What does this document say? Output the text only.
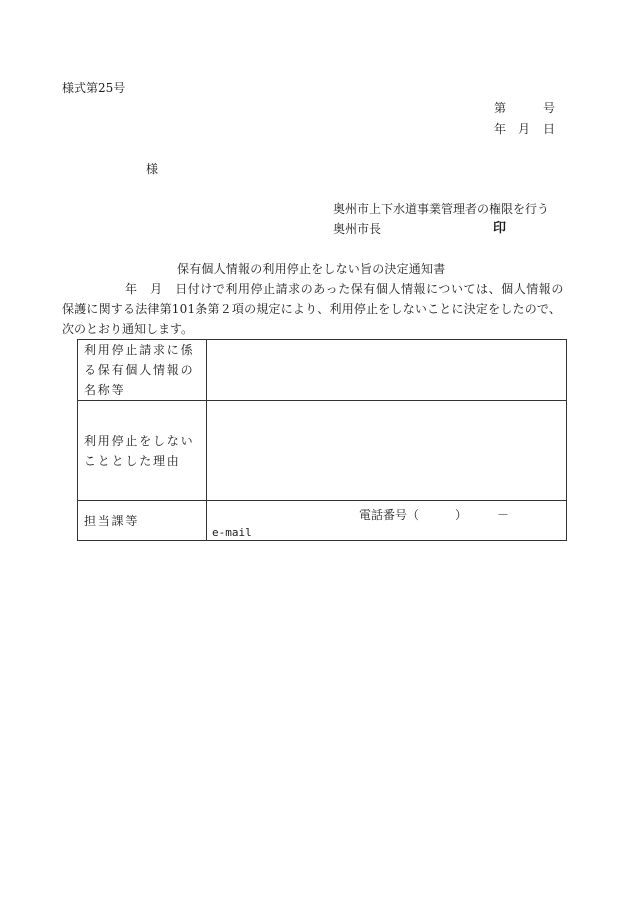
様式第25号
第	号
年 月 日
様
奥州市上下水道事業管理者の権限を行う
奥州市長	印
保有個人情報の利用停止をしない旨の決定通知書
年　月　日付けで利用停止請求のあった保有個人情報については、個人情報の
保護に関する法律第101条第２項の規定により、利用停止をしないことに決定をしたので、
次のとおり通知します。
利用停止請求に係る保有個人情報の名称等	
利用停止をしないこととした理由	
担当課等	電話番号（　　　）　　　－
e-mail
